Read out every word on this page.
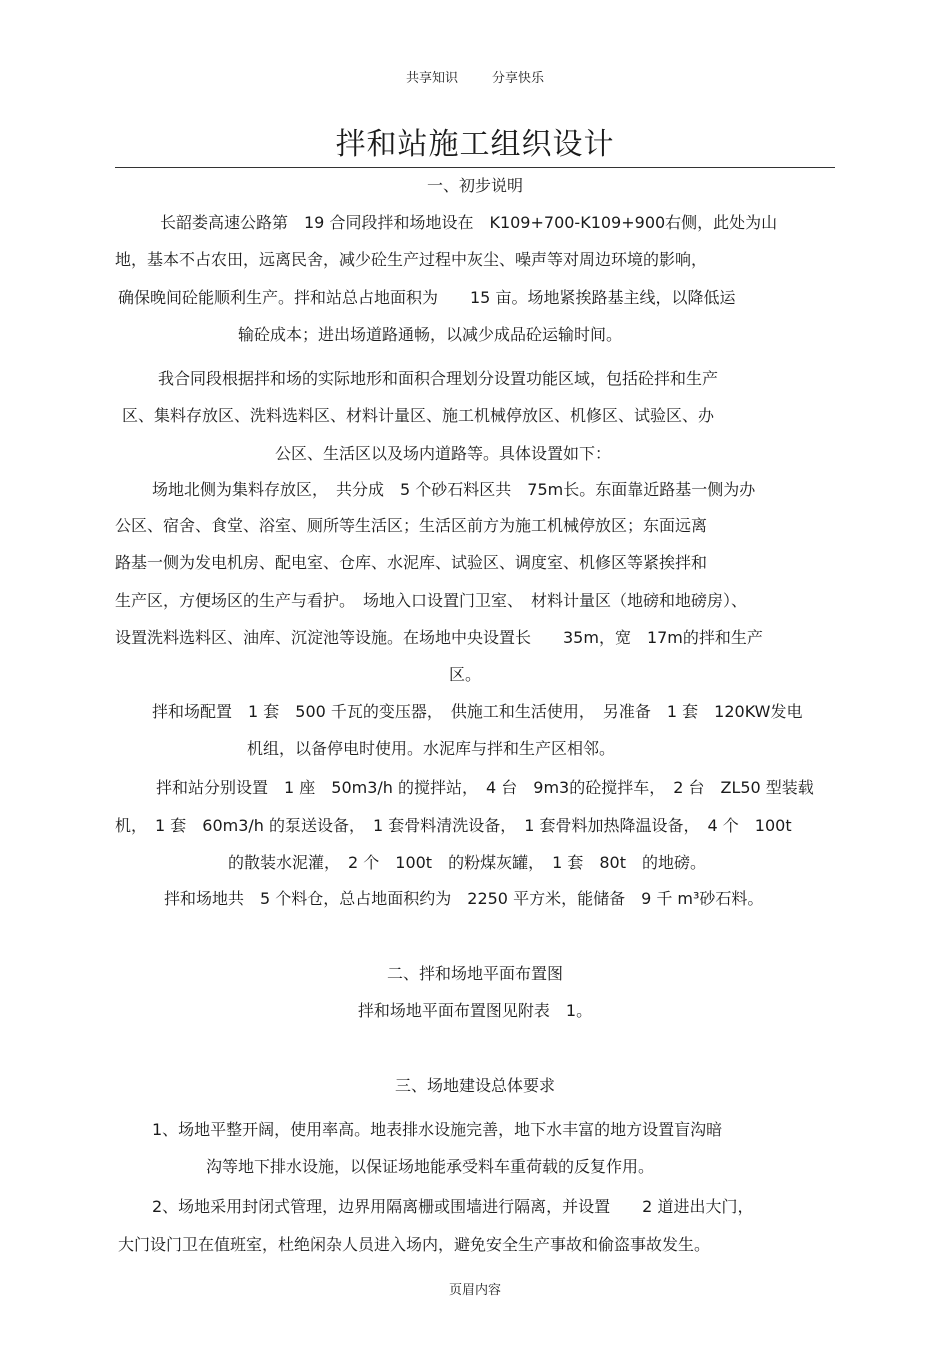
共享知识	分享快乐
拌和站施工组织设计
一、初步说明
长韶娄高速公路第　19 合同段拌和场地设在　K109+700-K109+900右侧，此处为山
地，基本不占农田，远离民舍，减少砼生产过程中灰尘、噪声等对周边环境的影响，
确保晚间砼能顺利生产。拌和站总占地面积为　　15 亩。场地紧挨路基主线，以降低运
输砼成本；进出场道路通畅，以减少成品砼运输时间。
我合同段根据拌和场的实际地形和面积合理划分设置功能区域，包括砼拌和生产
区、集料存放区、洗料选料区、材料计量区、施工机械停放区、机修区、试验区、办
公区、生活区以及场内道路等。具体设置如下：
场地北侧为集料存放区，　共分成　5 个砂石料区共　75m长。东面靠近路基一侧为办
公区、宿舍、食堂、浴室、厕所等生活区；生活区前方为施工机械停放区；东面远离
路基一侧为发电机房、配电室、仓库、水泥库、试验区、调度室、机修区等紧挨拌和
生产区，方便场区的生产与看护。　场地入口设置门卫室、　材料计量区（地磅和地磅房）、
设置洗料选料区、油库、沉淀池等设施。在场地中央设置长　　35m，宽　17m的拌和生产
区。
拌和场配置　1 套　500 千瓦的变压器，　供施工和生活使用，　另准备　1 套　120KW发电
机组，以备停电时使用。水泥库与拌和生产区相邻。
拌和站分别设置　1 座　50m3/h 的搅拌站，　4 台　9m3的砼搅拌车，　2 台　ZL50 型装载
机，　1 套　60m3/h 的泵送设备，　1 套骨料清洗设备，　1 套骨料加热降温设备，　4 个　100t
的散装水泥灌，　2 个　100t　的粉煤灰罐，　1 套　80t　的地磅。
拌和场地共　5 个料仓，总占地面积约为　2250 平方米，能储备　9 千 m³砂石料。
二、拌和场地平面布置图
拌和场地平面布置图见附表　1。
三、场地建设总体要求
1、场地平整开阔，使用率高。地表排水设施完善，地下水丰富的地方设置盲沟暗
沟等地下排水设施，以保证场地能承受料车重荷载的反复作用。
2、场地采用封闭式管理，边界用隔离栅或围墙进行隔离，并设置　　2 道进出大门，
大门设门卫在值班室，杜绝闲杂人员进入场内，避免安全生产事故和偷盗事故发生。
页眉内容
